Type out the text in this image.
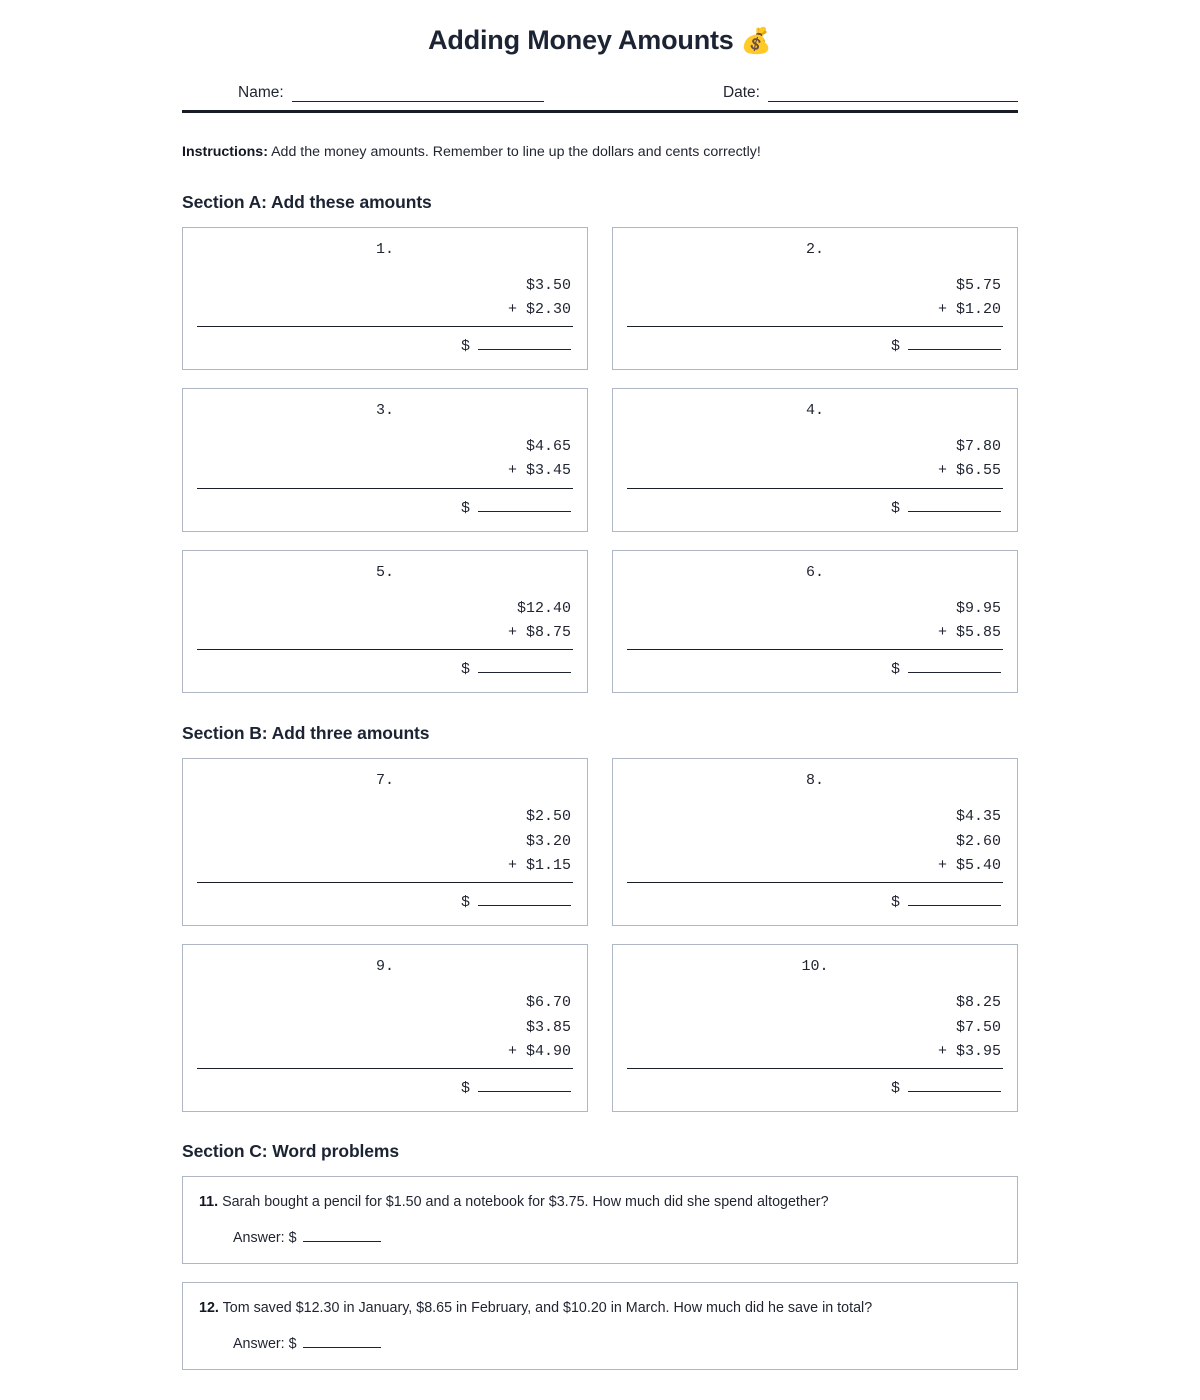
Adding Money Amounts 💰
Name:	Date:

Instructions: Add the money amounts. Remember to line up the dollars and cents correctly!

Section A: Add these amounts
1.
$3.50
+ $2.30
$
2.
$5.75
+ $1.20
$
3.
$4.65
+ $3.45
$
4.
$7.80
+ $6.55
$
5.
$12.40
+ $8.75
$
6.
$9.95
+ $5.85
$
Section B: Add three amounts
7.
$2.50
$3.20
+ $1.15
$
8.
$4.35
$2.60
+ $5.40
$
9.
$6.70
$3.85
+ $4.90
$
10.
$8.25
$7.50
+ $3.95
$
Section C: Word problems
11. Sarah bought a pencil for $1.50 and a notebook for $3.75. How much did she spend altogether?
Answer: $
12. Tom saved $12.30 in January, $8.65 in February, and $10.20 in March. How much did he save in total?
Answer: $
